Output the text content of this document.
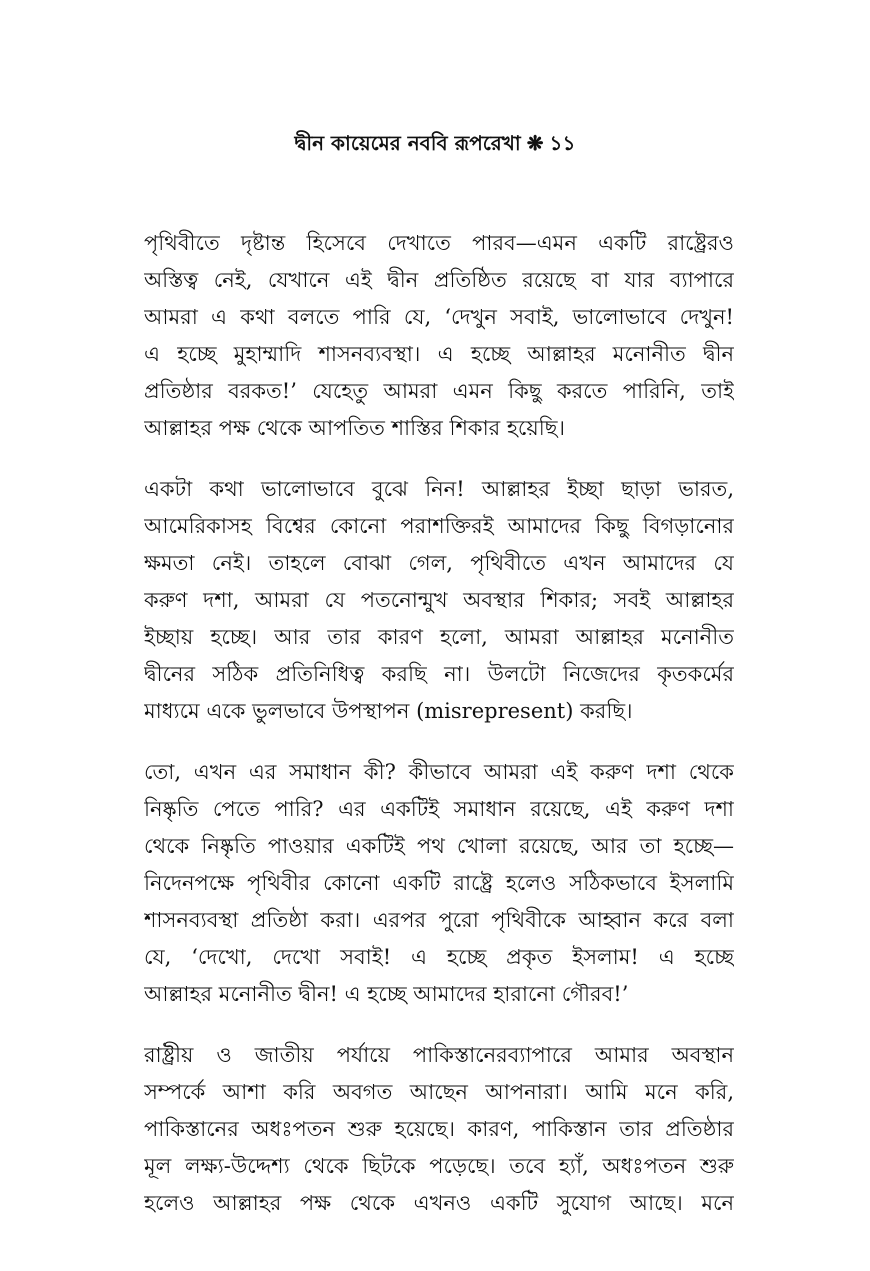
দ্বীন কায়েমের নববি রূপরেখা ❋ ১১
পৃথিবীতে দৃষ্টান্ত হিসেবে দেখাতে পারব—এমন একটি রাষ্ট্রেরও
অস্তিত্ব নেই, যেখানে এই দ্বীন প্রতিষ্ঠিত রয়েছে বা যার ব্যাপারে
আমরা এ কথা বলতে পারি যে, ‘দেখুন সবাই, ভালোভাবে দেখুন!
এ হচ্ছে মুহাম্মাদি শাসনব্যবস্থা। এ হচ্ছে আল্লাহর মনোনীত দ্বীন
প্রতিষ্ঠার বরকত!’ যেহেতু আমরা এমন কিছু করতে পারিনি, তাই
আল্লাহর পক্ষ থেকে আপতিত শাস্তির শিকার হয়েছি।
একটা কথা ভালোভাবে বুঝে নিন! আল্লাহর ইচ্ছা ছাড়া ভারত,
আমেরিকাসহ বিশ্বের কোনো পরাশক্তিরই আমাদের কিছু বিগড়ানোর
ক্ষমতা নেই। তাহলে বোঝা গেল, পৃথিবীতে এখন আমাদের যে
করুণ দশা, আমরা যে পতনোন্মুখ অবস্থার শিকার; সবই আল্লাহর
ইচ্ছায় হচ্ছে। আর তার কারণ হলো, আমরা আল্লাহর মনোনীত
দ্বীনের সঠিক প্রতিনিধিত্ব করছি না। উলটো নিজেদের কৃতকর্মের
মাধ্যমে একে ভুলভাবে উপস্থাপন (misrepresent) করছি।
তো, এখন এর সমাধান কী? কীভাবে আমরা এই করুণ দশা থেকে
নিষ্কৃতি পেতে পারি? এর একটিই সমাধান রয়েছে, এই করুণ দশা
থেকে নিষ্কৃতি পাওয়ার একটিই পথ খোলা রয়েছে, আর তা হচ্ছে—
নিদেনপক্ষে পৃথিবীর কোনো একটি রাষ্ট্রে হলেও সঠিকভাবে ইসলামি
শাসনব্যবস্থা প্রতিষ্ঠা করা। এরপর পুরো পৃথিবীকে আহ্বান করে বলা
যে, ‘দেখো, দেখো সবাই! এ হচ্ছে প্রকৃত ইসলাম! এ হচ্ছে
আল্লাহর মনোনীত দ্বীন! এ হচ্ছে আমাদের হারানো গৌরব!’
রাষ্ট্রীয় ও জাতীয় পর্যায়ে পাকিস্তানেরব্যাপারে আমার অবস্থান
সম্পর্কে আশা করি অবগত আছেন আপনারা। আমি মনে করি,
পাকিস্তানের অধঃপতন শুরু হয়েছে। কারণ, পাকিস্তান তার প্রতিষ্ঠার
মূল লক্ষ্য-উদ্দেশ্য থেকে ছিটকে পড়েছে। তবে হ্যাঁ, অধঃপতন শুরু
হলেও আল্লাহর পক্ষ থেকে এখনও একটি সুযোগ আছে। মনে
